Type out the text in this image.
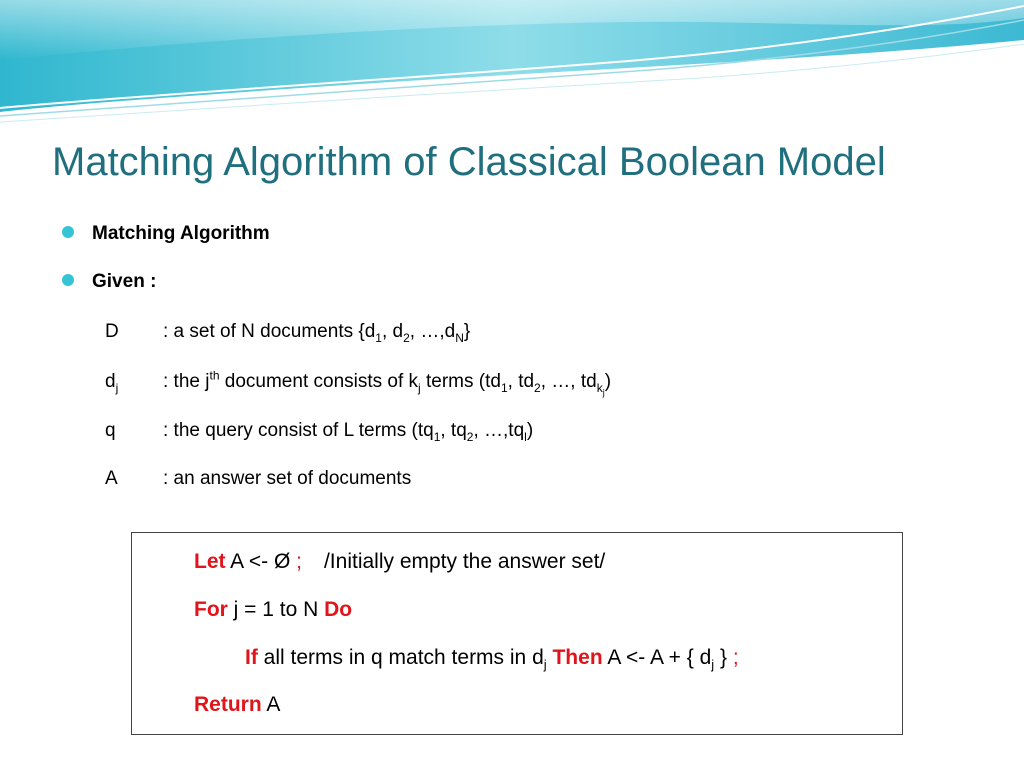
Matching Algorithm of Classical Boolean Model
Matching Algorithm
Given :
D : a set of N documents {$d_1$, $d_2$, $\dots,d_N$}
$d_j$ : the $j^{th}$ document consists of $k_j$ terms ($td_1$, $td_2$, …, $td_{k_j}$)
q : the query consist of L terms ($tq_1$, $tq_2$, $\dots,tq_l$)
A : an answer set of documents
Let A <- Ø ; /Initially empty the answer set/
For j = 1 to N Do
If all terms in q match terms in $d_j$ Then A <- A + { $d_j$ } ;
Return A
